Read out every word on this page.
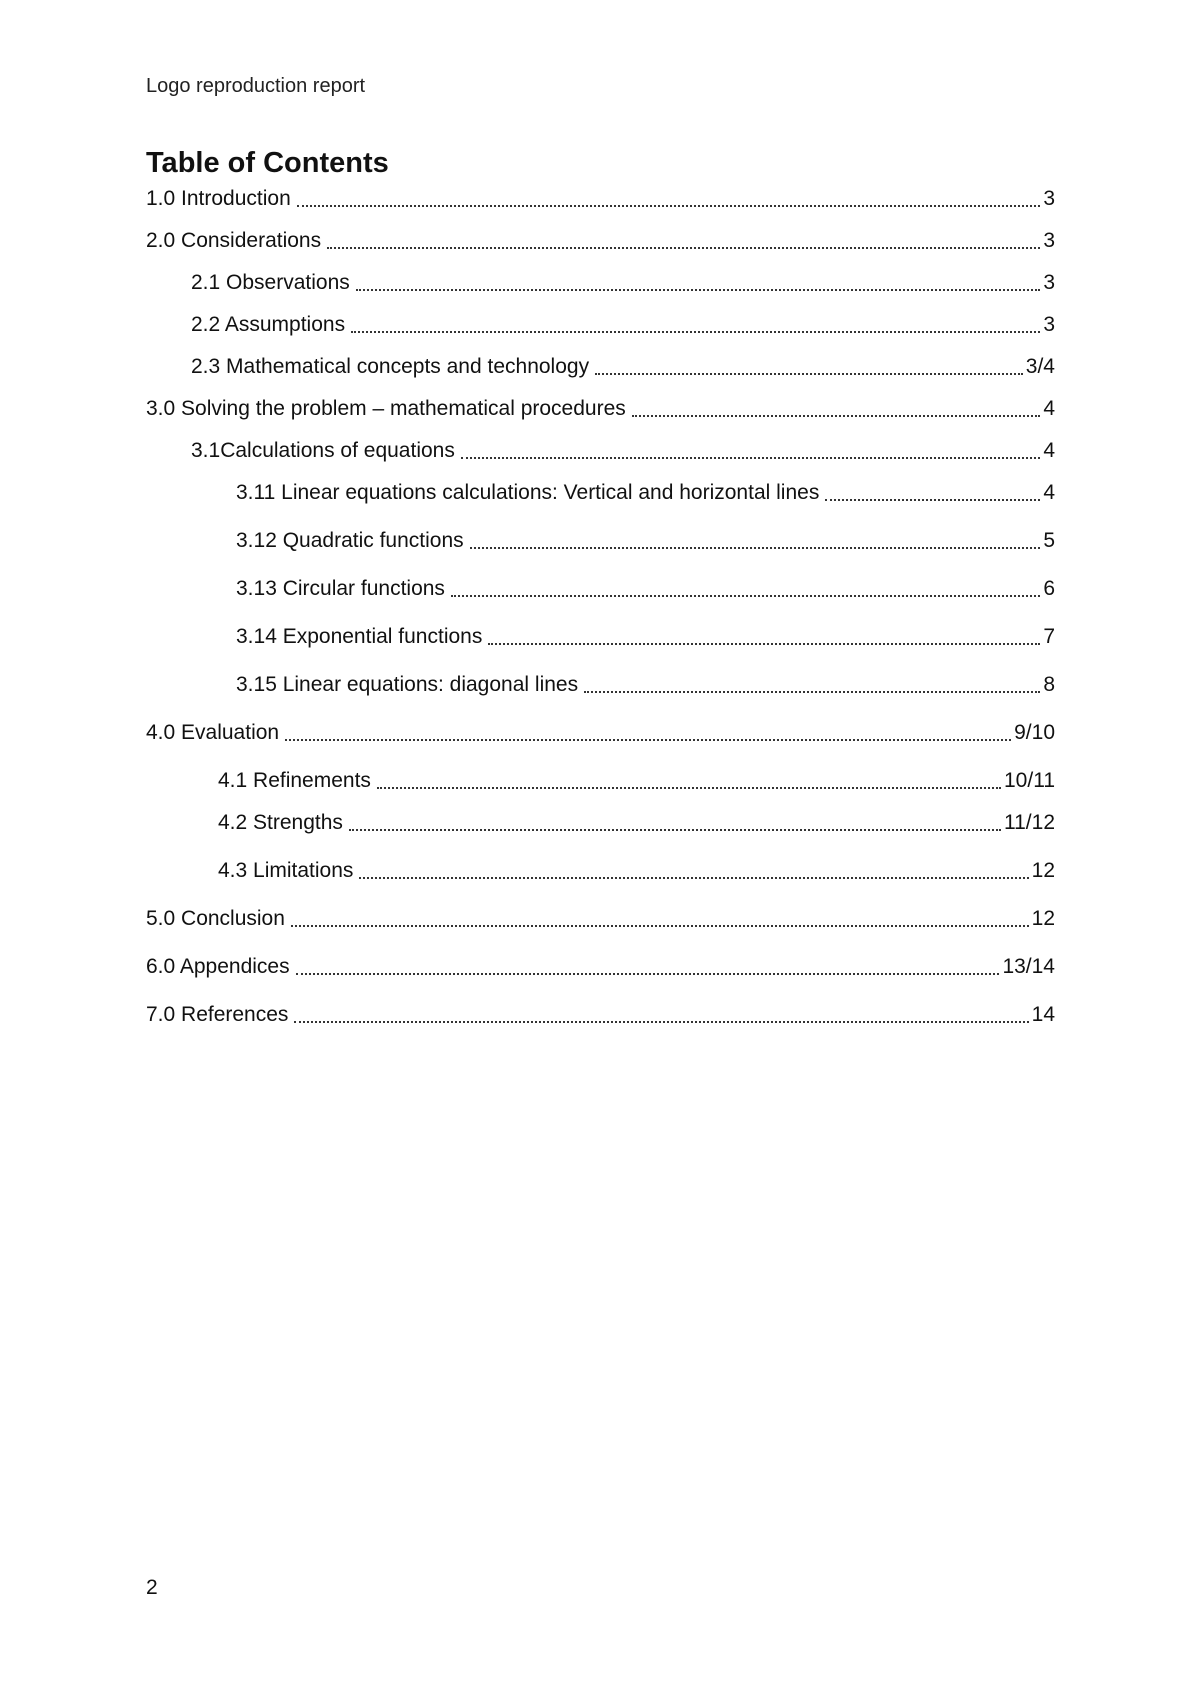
Logo reproduction report
Table of Contents
1.0 Introduction	3
2.0 Considerations	3
2.1 Observations	3
2.2 Assumptions	3
2.3 Mathematical concepts and technology	3/4
3.0 Solving the problem – mathematical procedures	4
3.1Calculations of equations	4
3.11 Linear equations calculations: Vertical and horizontal lines	4
3.12 Quadratic functions	5
3.13 Circular functions	6
3.14 Exponential functions	7
3.15 Linear equations: diagonal lines	8
4.0 Evaluation	9/10
4.1 Refinements	10/11
4.2 Strengths	11/12
4.3 Limitations	12
5.0 Conclusion	12
6.0 Appendices	13/14
7.0 References	14
2
